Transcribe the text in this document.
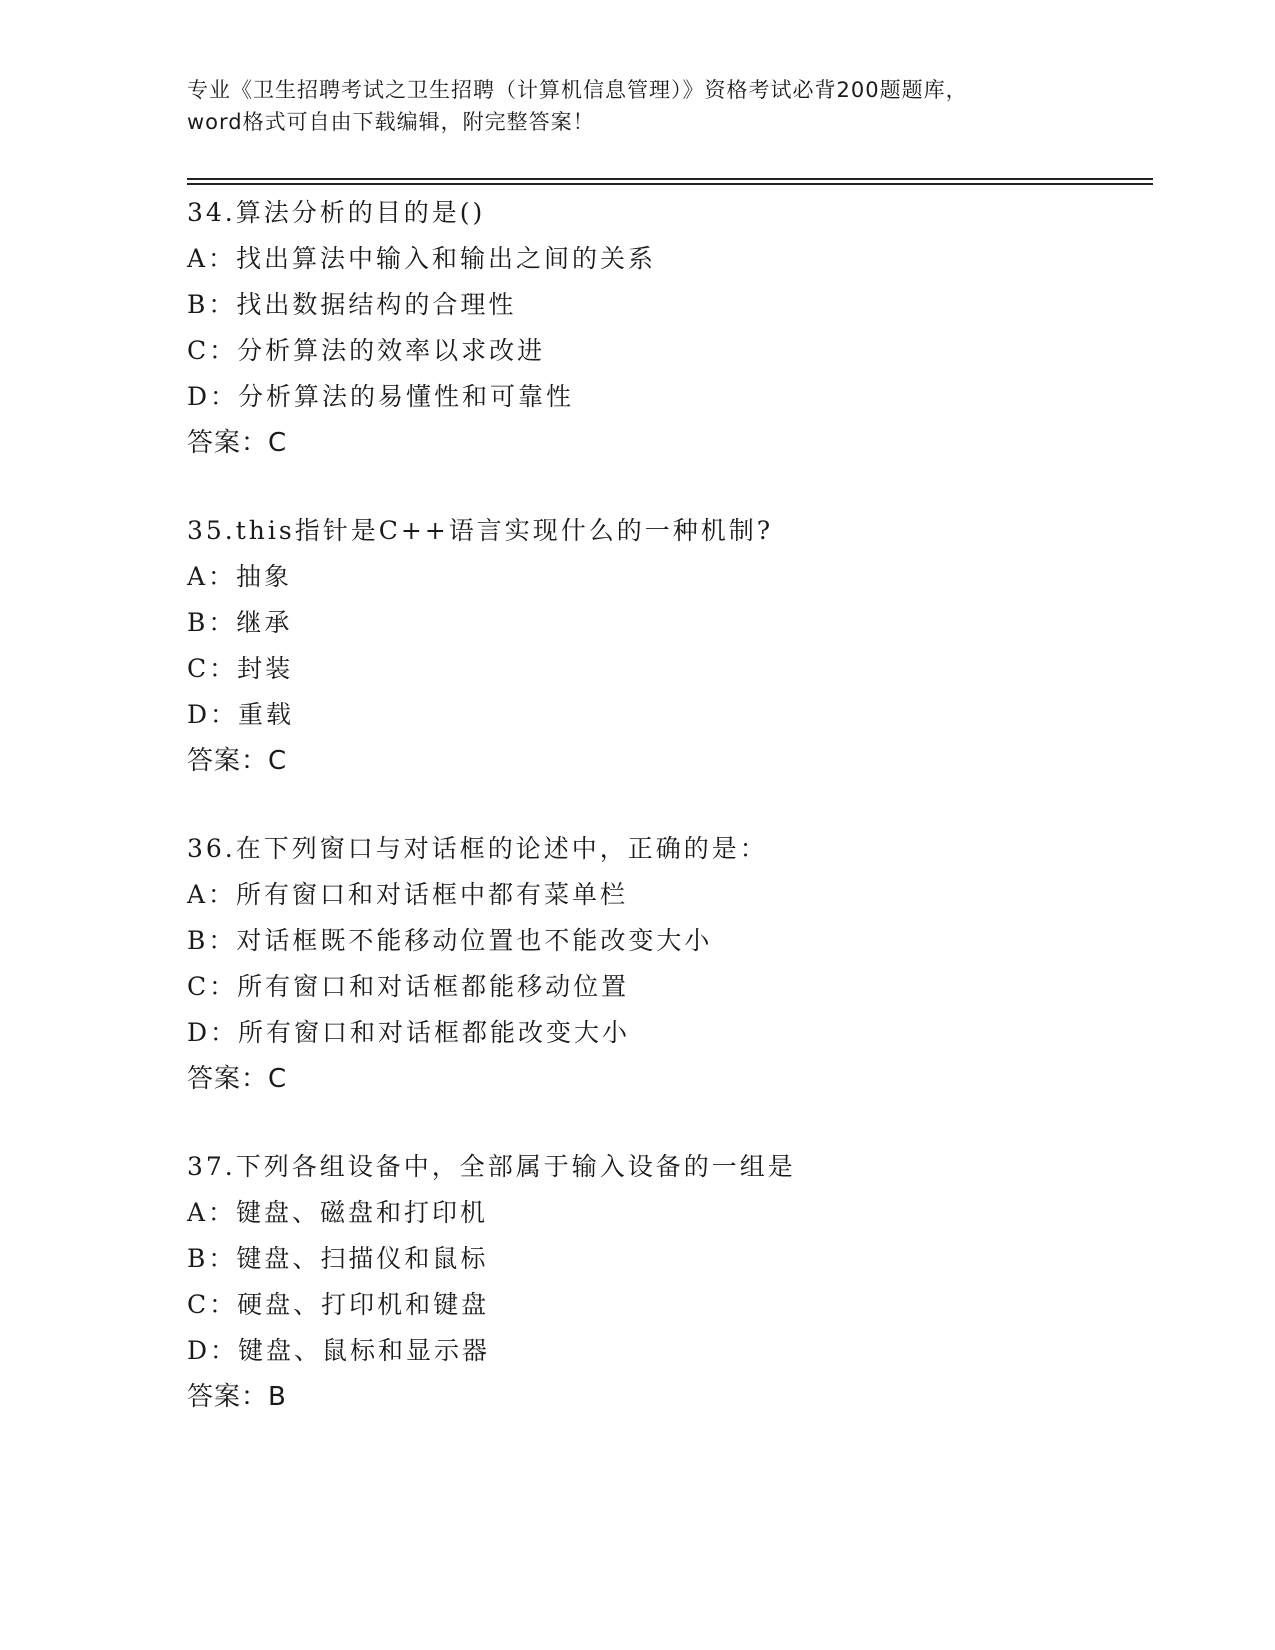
专业《卫生招聘考试之卫生招聘（计算机信息管理）》资格考试必背200题题库，
word格式可自由下载编辑，附完整答案！
34.算法分析的目的是()
A：找出算法中输入和输出之间的关系
B：找出数据结构的合理性
C：分析算法的效率以求改进
D：分析算法的易懂性和可靠性
答案：C
35.this指针是C++语言实现什么的一种机制?
A：抽象
B：继承
C：封装
D：重载
答案：C
36.在下列窗口与对话框的论述中，正确的是：
A：所有窗口和对话框中都有菜单栏
B：对话框既不能移动位置也不能改变大小
C：所有窗口和对话框都能移动位置
D：所有窗口和对话框都能改变大小
答案：C
37.下列各组设备中，全部属于输入设备的一组是
A：键盘、磁盘和打印机
B：键盘、扫描仪和鼠标
C：硬盘、打印机和键盘
D：键盘、鼠标和显示器
答案：B
